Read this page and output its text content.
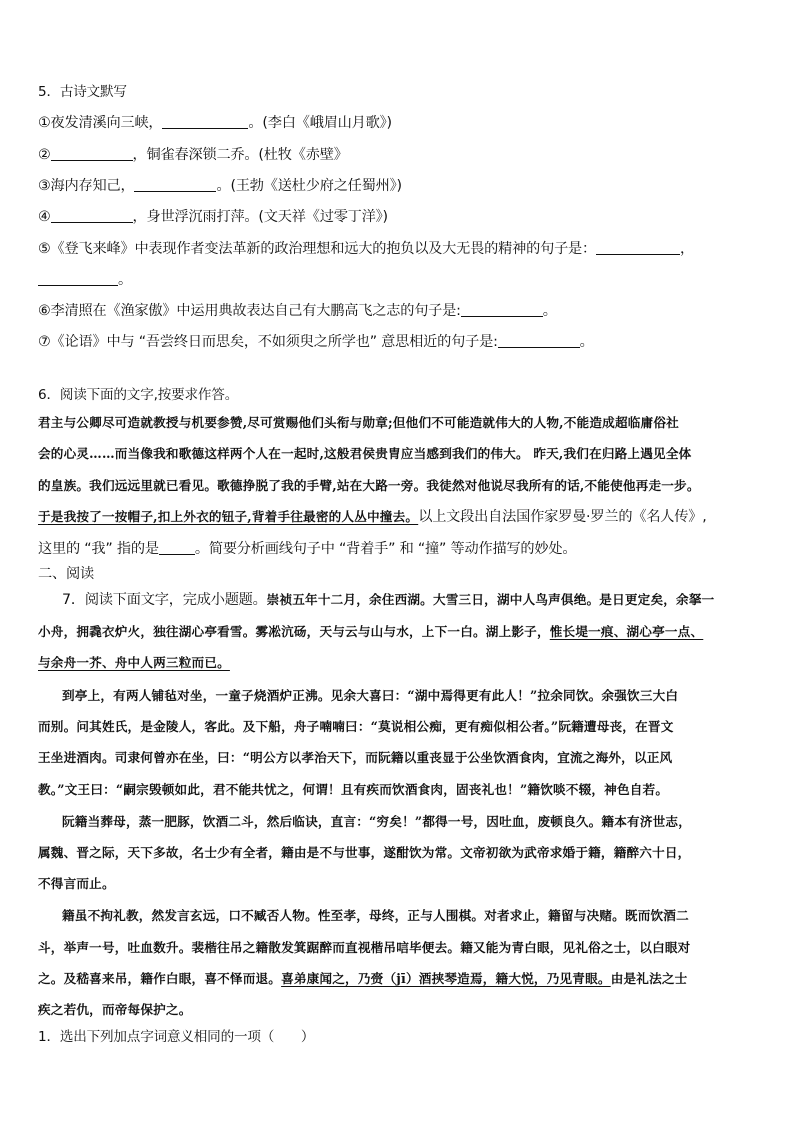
5．古诗文默写
①夜发清溪向三峡，	。(李白《峨眉山月歌》)
②	，铜雀春深锁二乔。(杜牧《赤壁》
③海内存知己，	。(王勃《送杜少府之任蜀州》)
④	，身世浮沉雨打萍。(文天祥《过零丁洋》)
⑤《登飞来峰》中表现作者变法革新的政治理想和远大的抱负以及大无畏的精神的句子是：	，
。
⑥李清照在《渔家傲》中运用典故表达自己有大鹏高飞之志的句子是:	。
⑦《论语》中与 “吾尝终日而思矣，不如须臾之所学也” 意思相近的句子是:	。
6．阅读下面的文字,按要求作答。
君主与公卿尽可造就教授与机要参赞,尽可赏赐他们头衔与勋章;但他们不可能造就伟大的人物,不能造成超临庸俗社
会的心灵……而当像我和歌德这样两个人在一起时,这般君侯贵胄应当感到我们的伟大。 昨天,我们在归路上遇见全体
的皇族。我们远远里就已看见。歌德挣脱了我的手臂,站在大路一旁。我徒然对他说尽我所有的话,不能使他再走一步。
于是我按了一按帽子,扣上外衣的钮子,背着手往最密的人丛中撞去。以上文段出自法国作家罗曼·罗兰的《名人传》,
这里的 “我” 指的是	。简要分析画线句子中 “背着手” 和 “撞” 等动作描写的妙处。
二、阅读
7．阅读下面文字，完成小题题。崇祯五年十二月，余住西湖。大雪三日，湖中人鸟声俱绝。是日更定矣，余拏一
小舟，拥毳衣炉火，独往湖心亭看雪。雾凇沆砀，天与云与山与水，上下一白。湖上影子，惟长堤一痕、湖心亭一点、
与余舟一芥、舟中人两三粒而已。
到亭上，有两人铺毡对坐，一童子烧酒炉正沸。见余大喜曰：“湖中焉得更有此人！”拉余同饮。余强饮三大白
而别。问其姓氏，是金陵人，客此。及下船，舟子喃喃曰：“莫说相公痴，更有痴似相公者。”阮籍遭母丧，在晋文
王坐进酒肉。司隶何曾亦在坐，曰：“明公方以孝治天下，而阮籍以重丧显于公坐饮酒食肉，宜流之海外，以正风
教。”文王曰：“嗣宗毁顿如此，君不能共忧之，何谓！且有疾而饮酒食肉，固丧礼也！”籍饮啖不辍，神色自若。
阮籍当葬母，蒸一肥豚，饮酒二斗，然后临诀，直言：“穷矣！”都得一号，因吐血，废顿良久。籍本有济世志，
属魏、晋之际，天下多故，名士少有全者，籍由是不与世事，遂酣饮为常。文帝初欲为武帝求婚于籍，籍醉六十日，
不得言而止。
籍虽不拘礼教，然发言玄远，口不臧否人物。性至孝，母终，正与人围棋。对者求止，籍留与决赌。既而饮酒二
斗，举声一号，吐血数升。裴楷往吊之籍散发箕踞醉而直视楷吊唁毕便去。籍又能为青白眼，见礼俗之士，以白眼对
之。及嵇喜来吊，籍作白眼，喜不怿而退。喜弟康闻之，乃赍（jī）酒挟琴造焉，籍大悦，乃见青眼。由是礼法之士
疾之若仇，而帝每保护之。
1．选出下列加点字词意义相同的一项（　　）
